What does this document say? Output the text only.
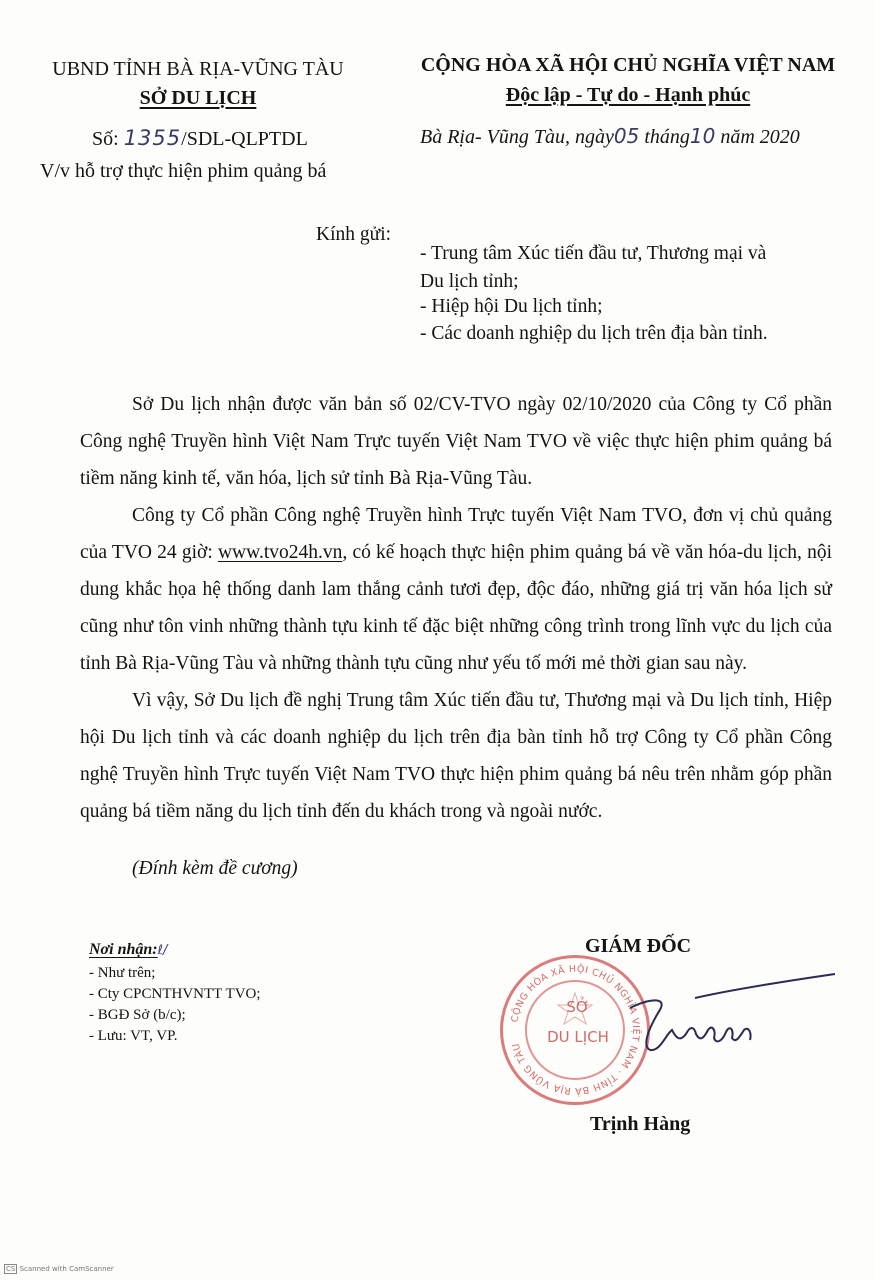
UBND TỈNH BÀ RỊA-VŨNG TÀU
SỞ DU LỊCH
Số: 1355/SDL-QLPTDL
V/v hỗ trợ thực hiện phim quảng bá
CỘNG HÒA XÃ HỘI CHỦ NGHĨA VIỆT NAM
Độc lập - Tự do - Hạnh phúc
Bà Rịa- Vũng Tàu, ngày05 tháng10 năm 2020
Kính gửi:
- Trung tâm Xúc tiến đầu tư, Thương mại và
Du lịch tỉnh;
- Hiệp hội Du lịch tỉnh;
- Các doanh nghiệp du lịch trên địa bàn tỉnh.
Sở Du lịch nhận được văn bản số 02/CV-TVO ngày 02/10/2020 của Công ty Cổ phần Công nghệ Truyền hình Việt Nam Trực tuyến Việt Nam TVO về việc thực hiện phim quảng bá tiềm năng kinh tế, văn hóa, lịch sử tỉnh Bà Rịa-Vũng Tàu.
Công ty Cổ phần Công nghệ Truyền hình Trực tuyến Việt Nam TVO, đơn vị chủ quảng của TVO 24 giờ: www.tvo24h.vn, có kế hoạch thực hiện phim quảng bá về văn hóa-du lịch, nội dung khắc họa hệ thống danh lam thắng cảnh tươi đẹp, độc đáo, những giá trị văn hóa lịch sử cũng như tôn vinh những thành tựu kinh tế đặc biệt những công trình trong lĩnh vực du lịch của tỉnh Bà Rịa-Vũng Tàu và những thành tựu cũng như yếu tố mới mẻ thời gian sau này.
Vì vậy, Sở Du lịch đề nghị Trung tâm Xúc tiến đầu tư, Thương mại và Du lịch tỉnh, Hiệp hội Du lịch tỉnh và các doanh nghiệp du lịch trên địa bàn tỉnh hỗ trợ Công ty Cổ phần Công nghệ Truyền hình Trực tuyến Việt Nam TVO thực hiện phim quảng bá nêu trên nhằm góp phần quảng bá tiềm năng du lịch tỉnh đến du khách trong và ngoài nước.
(Đính kèm đề cương)
Nơi nhận:ℓ/
- Như trên;
- Cty CPCNTHVNTT TVO;
- BGĐ Sở (b/c);
- Lưu: VT, VP.
GIÁM ĐỐC
CỘNG HÒA XÃ HỘI CHỦ NGHĨA VIỆT NAM · TỈNH BÀ RỊA VŨNG TÀU
SỞ
DU LỊCH
Trịnh Hàng
CS Scanned with CamScanner
